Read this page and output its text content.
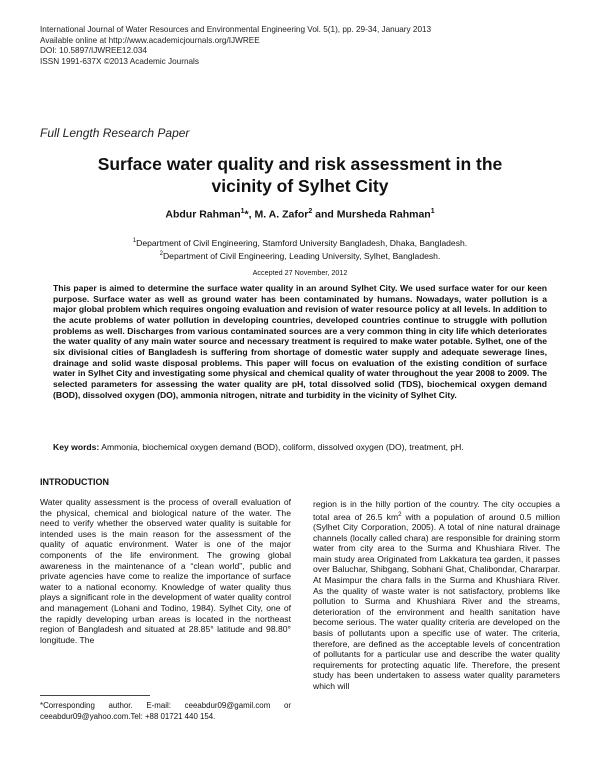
International Journal of Water Resources and Environmental Engineering Vol. 5(1), pp. 29-34, January 2013
Available online at http://www.academicjournals.org/IJWREE
DOI: 10.5897/IJWREE12.034
ISSN 1991-637X ©2013 Academic Journals
Full Length Research Paper
Surface water quality and risk assessment in the
vicinity of Sylhet City
Abdur Rahman$^1$*, M. A. Zafor$^2$ and Mursheda Rahman$^1$
$^1$Department of Civil Engineering, Stamford University Bangladesh, Dhaka, Bangladesh.
$^2$Department of Civil Engineering, Leading University, Sylhet, Bangladesh.
Accepted 27 November, 2012
This paper is aimed to determine the surface water quality in an around Sylhet City. We used surface water for our keen purpose. Surface water as well as ground water has been contaminated by humans. Nowadays, water pollution is a major global problem which requires ongoing evaluation and revision of water resource policy at all levels. In addition to the acute problems of water pollution in developing countries, developed countries continue to struggle with pollution problems as well. Discharges from various contaminated sources are a very common thing in city life which deteriorates the water quality of any main water source and necessary treatment is required to make water potable. Sylhet, one of the six divisional cities of Bangladesh is suffering from shortage of domestic water supply and adequate sewerage lines, drainage and solid waste disposal problems. This paper will focus on evaluation of the existing condition of surface water in Sylhet City and investigating some physical and chemical quality of water throughout the year 2008 to 2009. The selected parameters for assessing the water quality are pH, total dissolved solid (TDS), biochemical oxygen demand (BOD), dissolved oxygen (DO), ammonia nitrogen, nitrate and turbidity in the vicinity of Sylhet City.
Key words: Ammonia, biochemical oxygen demand (BOD), coliform, dissolved oxygen (DO), treatment, pH.
INTRODUCTION
Water quality assessment is the process of overall evaluation of the physical, chemical and biological nature of the water. The need to verify whether the observed water quality is suitable for intended uses is the main reason for the assessment of the quality of aquatic environment. Water is one of the major components of the life environment. The growing global awareness in the maintenance of a “clean world”, public and private agencies have come to realize the importance of surface water to a national economy. Knowledge of water quality thus plays a significant role in the development of water quality control and management (Lohani and Todino, 1984). Sylhet City, one of the rapidly developing urban areas is located in the northeast region of Bangladesh and situated at 28.85° latitude and 98.80° longitude. The
region is in the hilly portion of the country. The city occupies a total area of 26.5 $km^2$ with a population of around 0.5 million (Sylhet City Corporation, 2005). A total of nine natural drainage channels (locally called chara) are responsible for draining storm water from city area to the Surma and Khushiara River. The main study area Originated from Lakkatura tea garden, it passes over Baluchar, Shibgang, Sobhani Ghat, Chalibondar, Chararpar. At Masimpur the chara falls in the Surma and Khushiara River. As the quality of waste water is not satisfactory, problems like pollution to Surma and Khushiara River and the streams, deterioration of the environment and health sanitation have become serious. The water quality criteria are developed on the basis of pollutants upon a specific use of water. The criteria, therefore, are defined as the acceptable levels of concentration of pollutants for a particular use and describe the water quality requirements for protecting aquatic life. Therefore, the present study has been undertaken to assess water quality parameters which will
*Corresponding author. E-mail: ceeabdur09@gamil.com or ceeabdur09@yahoo.com.Tel: +88 01721 440 154.
